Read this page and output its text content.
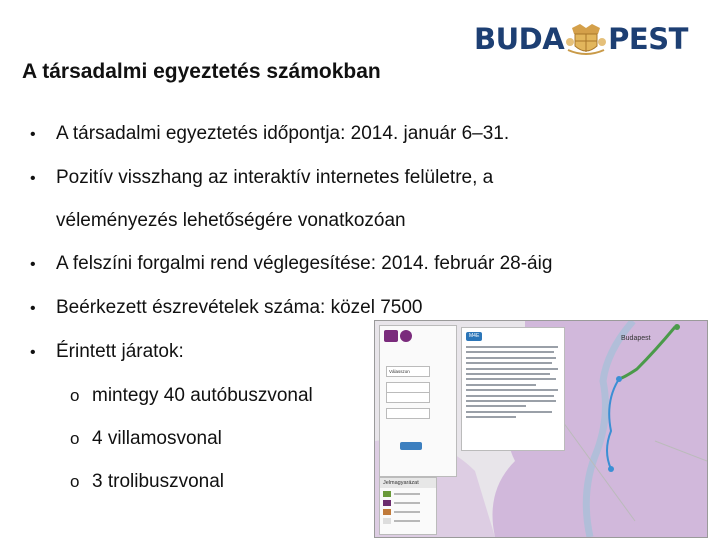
BUDA PEST
A társadalmi egyeztetés számokban
• A társadalmi egyeztetés időpontja: 2014. január 6–31.
• Pozitív visszhang az interaktív internetes felületre, a
véleményezés lehetőségére vonatkozóan
• A felszíni forgalmi rend véglegesítése: 2014. február 28-áig
• Beérkezett észrevételek száma: közel 7500
• Érintett járatok:
o mintegy 40 autóbuszvonal
o 4 villamosvonal
o 3 trolibuszvonal
Budapest

Válasszon
M4E
Jelmagyarázat
